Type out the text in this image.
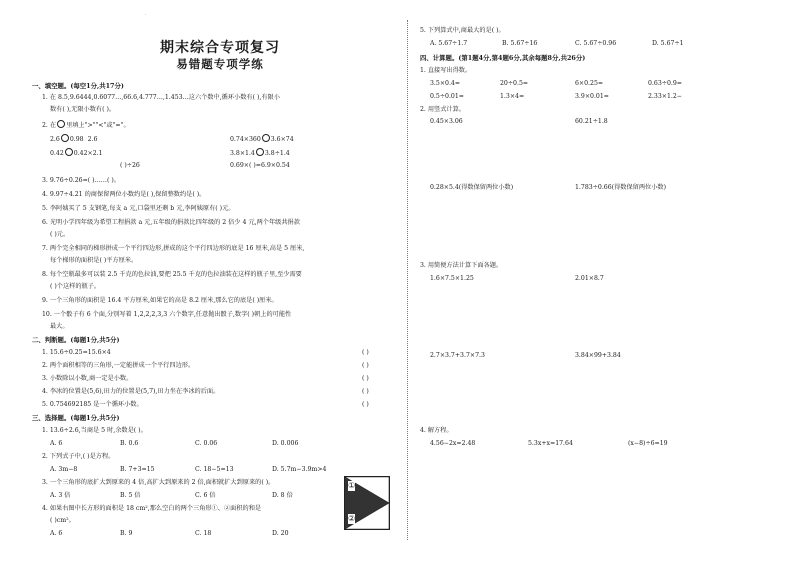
·
期末综合专项复习
易错题专项学练
一、填空题。(每空1分,共17分)
1. 在 8.5,9.6444,0.6077…,66.6,4.777…,1.453…这六个数中,循环小数有( ),有限小
数有( ),无限小数有( )。
2. 在 里填上">""<"或"="。
2.6 0.98 2.6	0.74×360 3.6×74
0.42 0.42×2.1	3.8×1.4 3.8÷1.4
( )÷26	0.69×( )=6.9×0.54
3. 9.76÷0.26=( )……( )。
4. 9.97÷4.21 的商保留两位小数约是( ),保留整数约是( )。
5. 李阿姨买了 5 支钢笔,每支 a 元,口袋里还剩 b 元,李阿姨原有( )元。
6. 光明小学四年级为希望工程捐款 a 元,五年级的捐款比四年级的 2 倍少 4 元,两个年级共捐款
( )元。
7. 两个完全相同的梯形拼成一个平行四边形,拼成的这个平行四边形的底是 16 厘米,高是 5 厘米,
每个梯形的面积是( )平方厘米。
8. 每个空瓶最多可以装 2.5 千克的色拉油,要把 25.5 千克的色拉油装在这样的瓶子里,至少需要
( )个这样的瓶子。
9. 一个三角形的面积是 16.4 平方厘米,如果它的高是 8.2 厘米,那么它的底是( )厘米。
10. 一个骰子有 6 个面,分别写着 1,2,2,2,3,3 六个数字,任意抛出骰子,数字( )朝上的可能性
最大。
二、判断题。(每题1分,共5分)
1. 15.6÷0.25=15.6×4	( )
2. 两个面积相等的三角形,一定能拼成一个平行四边形。	( )
3. 小数除以小数,商一定是小数。	( )
4. 李冰的位置是(5,6),田力的位置是(5,7),田力坐在李冰的后面。	( )
5. 0.754692185 是一个循环小数。	( )
三、选择题。(每题1分,共5分)
1. 13.6÷2.6,当商是 5 时,余数是( )。
A. 6	B. 0.6	C. 0.06	D. 0.006
2. 下列式子中,( )是方程。
A. 3m−8	B. 7+3=15	C. 18−5=13	D. 5.7m−3.9m>4
3. 一个三角形的底扩大到原来的 4 倍,高扩大到原来的 2 倍,面积就扩大到原来的( )。
A. 3 倍	B. 5 倍	C. 6 倍	D. 8 倍
4. 如果右图中长方形的面积是 18 cm²,那么空白的两个三角形①、②面积的和是
( )cm²。
A. 6	B. 9	C. 18	D. 20
①
②
5. 下列算式中,商最大的是( )。
A. 5.67÷1.7	B. 5.67÷16	C. 5.67÷0.96	D. 5.67÷1
四、计算题。(第1题4分,第4题6分,其余每题8分,共26分)
1. 直接写出得数。
3.5×0.4=	20÷0.5=	6×0.25=	0.63÷0.9=
0.5÷0.01=	1.3×4=	3.9×0.01=	2.33×1.2−
2. 用竖式计算。
0.45×3.06	60.21÷1.8
0.28×5.4(得数保留两位小数)	1.783÷0.66(得数保留两位小数)
3. 用简便方法计算下面各题。
1.6×7.5×1.25	2.01×8.7
2.7×3.7+3.7×7.3	3.84×99+3.84
4. 解方程。
4.56−2x=2.48	5.3x+x=17.64	(x−8)÷6=19
